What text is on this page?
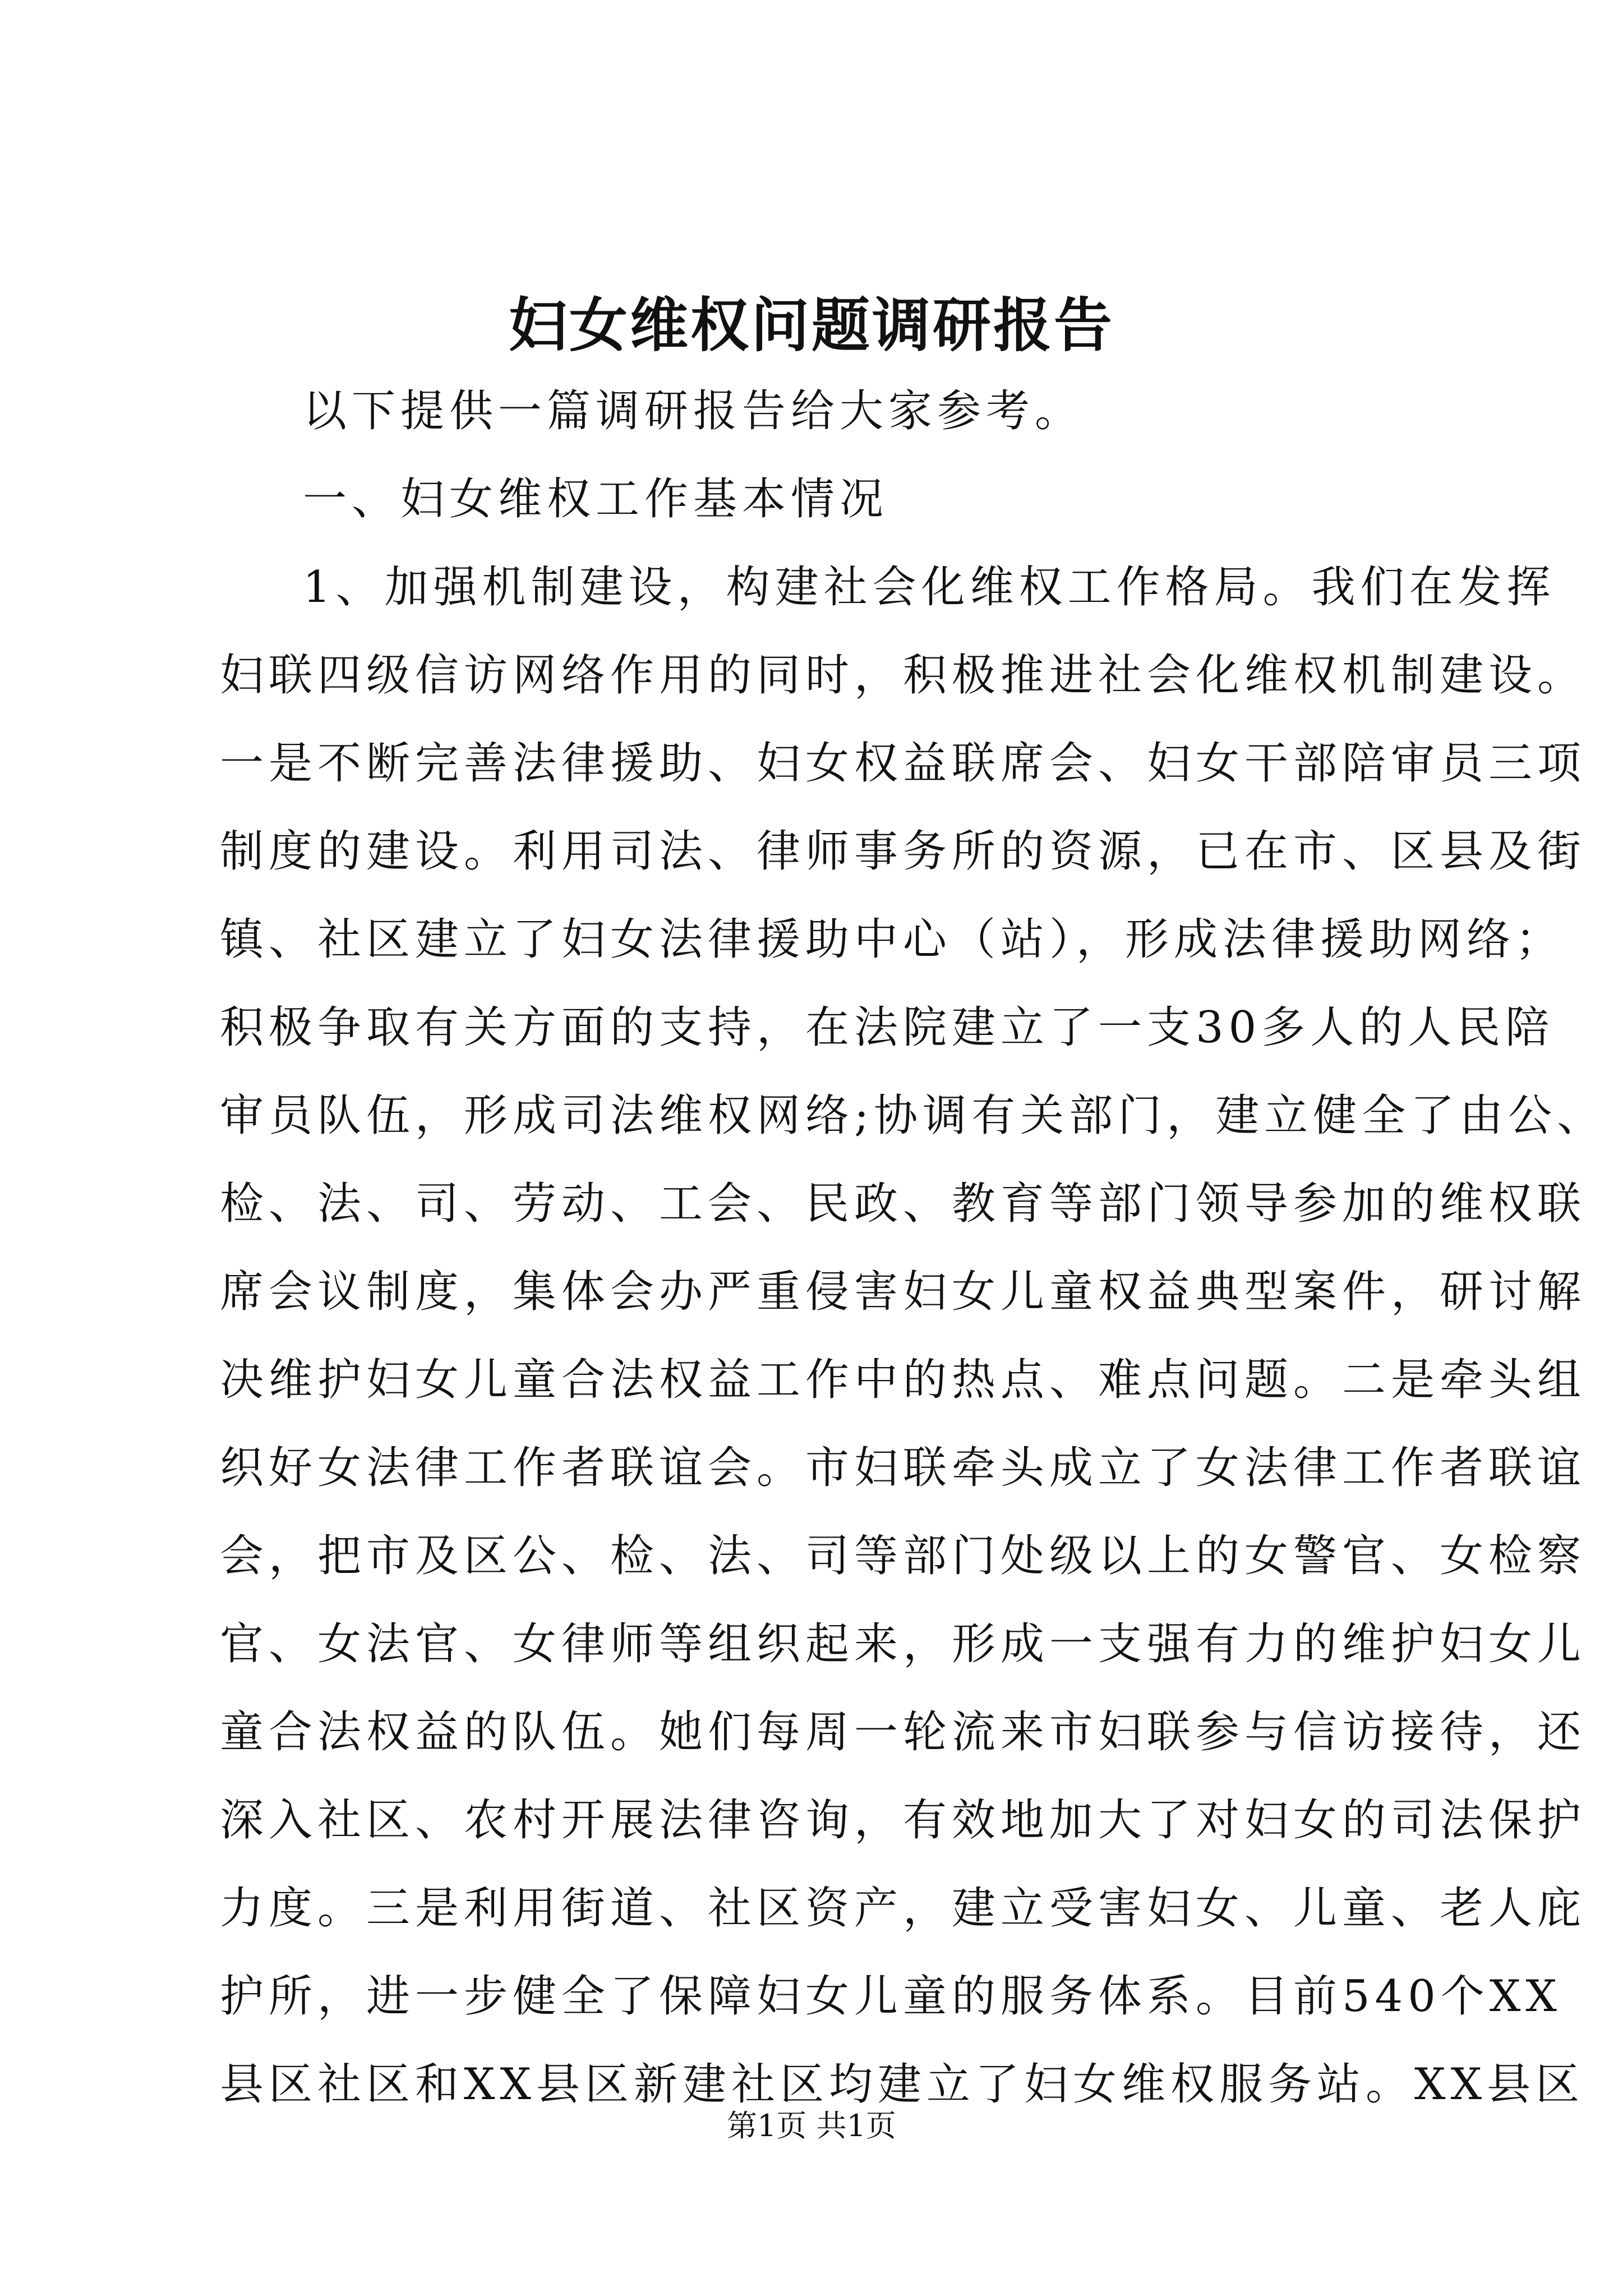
妇女维权问题调研报告
以下提供一篇调研报告给大家参考。
一、妇女维权工作基本情况
1、加强机制建设，构建社会化维权工作格局。我们在发挥
妇联四级信访网络作用的同时，积极推进社会化维权机制建设。
一是不断完善法律援助、妇女权益联席会、妇女干部陪审员三项
制度的建设。利用司法、律师事务所的资源，已在市、区县及街
镇、社区建立了妇女法律援助中心（站），形成法律援助网络；
积极争取有关方面的支持，在法院建立了一支30多人的人民陪
审员队伍，形成司法维权网络;协调有关部门，建立健全了由公、
检、法、司、劳动、工会、民政、教育等部门领导参加的维权联
席会议制度，集体会办严重侵害妇女儿童权益典型案件，研讨解
决维护妇女儿童合法权益工作中的热点、难点问题。二是牵头组
织好女法律工作者联谊会。市妇联牵头成立了女法律工作者联谊
会，把市及区公、检、法、司等部门处级以上的女警官、女检察
官、女法官、女律师等组织起来，形成一支强有力的维护妇女儿
童合法权益的队伍。她们每周一轮流来市妇联参与信访接待，还
深入社区、农村开展法律咨询，有效地加大了对妇女的司法保护
力度。三是利用街道、社区资产，建立受害妇女、儿童、老人庇
护所，进一步健全了保障妇女儿童的服务体系。目前540个XX
县区社区和XX县区新建社区均建立了妇女维权服务站。XX县区
第1页 共1页
